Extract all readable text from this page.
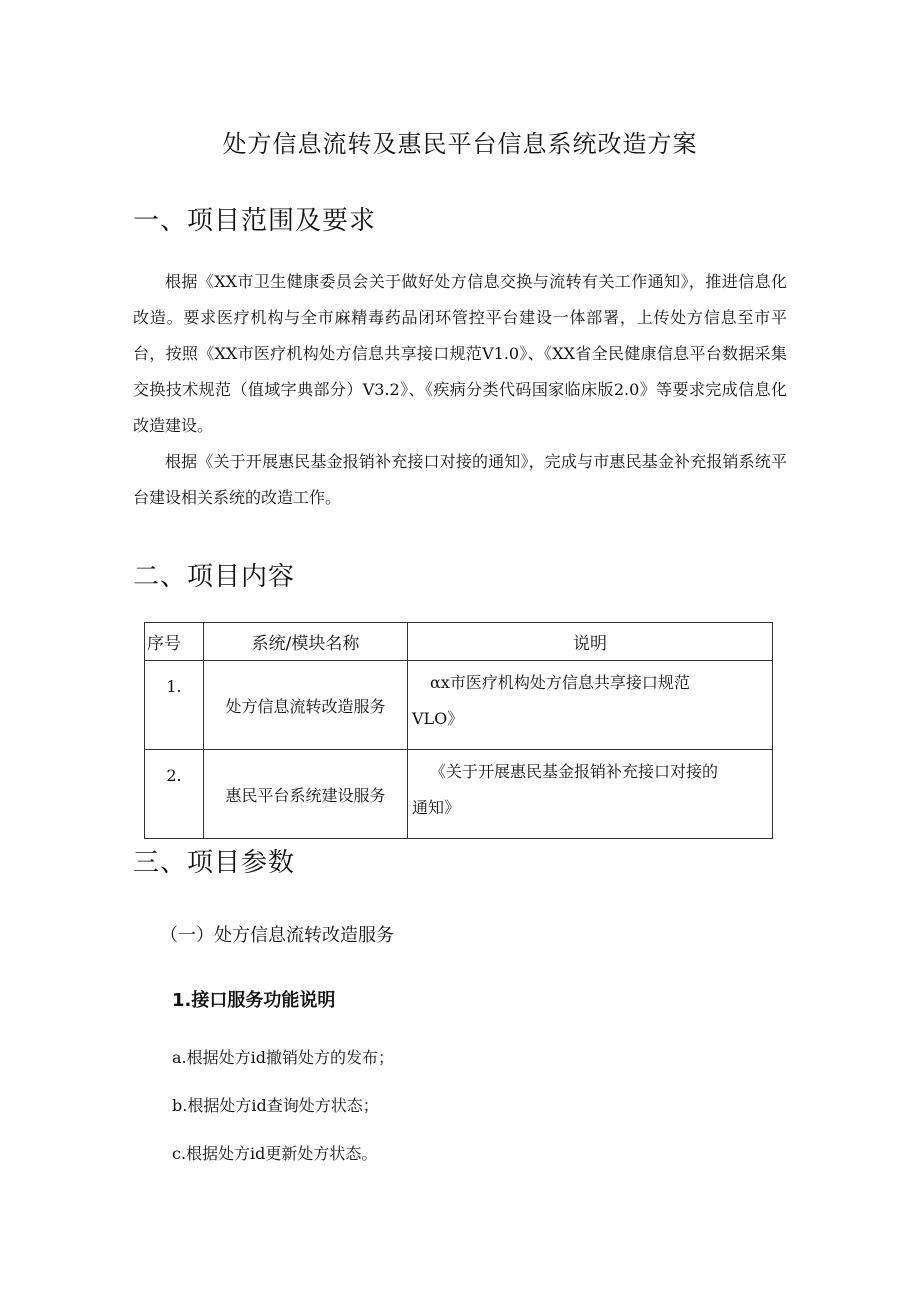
处方信息流转及惠民平台信息系统改造方案
一、项目范围及要求

根据《XX市卫生健康委员会关于做好处方信息交换与流转有关工作通知》，推进信息化改造。要求医疗机构与全市麻精毒药品闭环管控平台建设一体部署，上传处方信息至市平台，按照《XX市医疗机构处方信息共享接口规范V1.0》、《XX省全民健康信息平台数据采集交换技术规范（值域字典部分）V3.2》、《疾病分类代码国家临床版2.0》等要求完成信息化改造建设。

根据《关于开展惠民基金报销补充接口对接的通知》，完成与市惠民基金补充报销系统平台建设相关系统的改造工作。

二、项目内容
序号	系统/模块名称	说明
1.	处方信息流转改造服务	αx市医疗机构处方信息共享接口规范
VLO》

2.	惠民平台系统建设服务	《关于开展惠民基金报销补充接口对接的
通知》
三、项目参数
（一）处方信息流转改造服务
1.接口服务功能说明
a.根据处方id撤销处方的发布；
b.根据处方id查询处方状态；
c.根据处方id更新处方状态。
